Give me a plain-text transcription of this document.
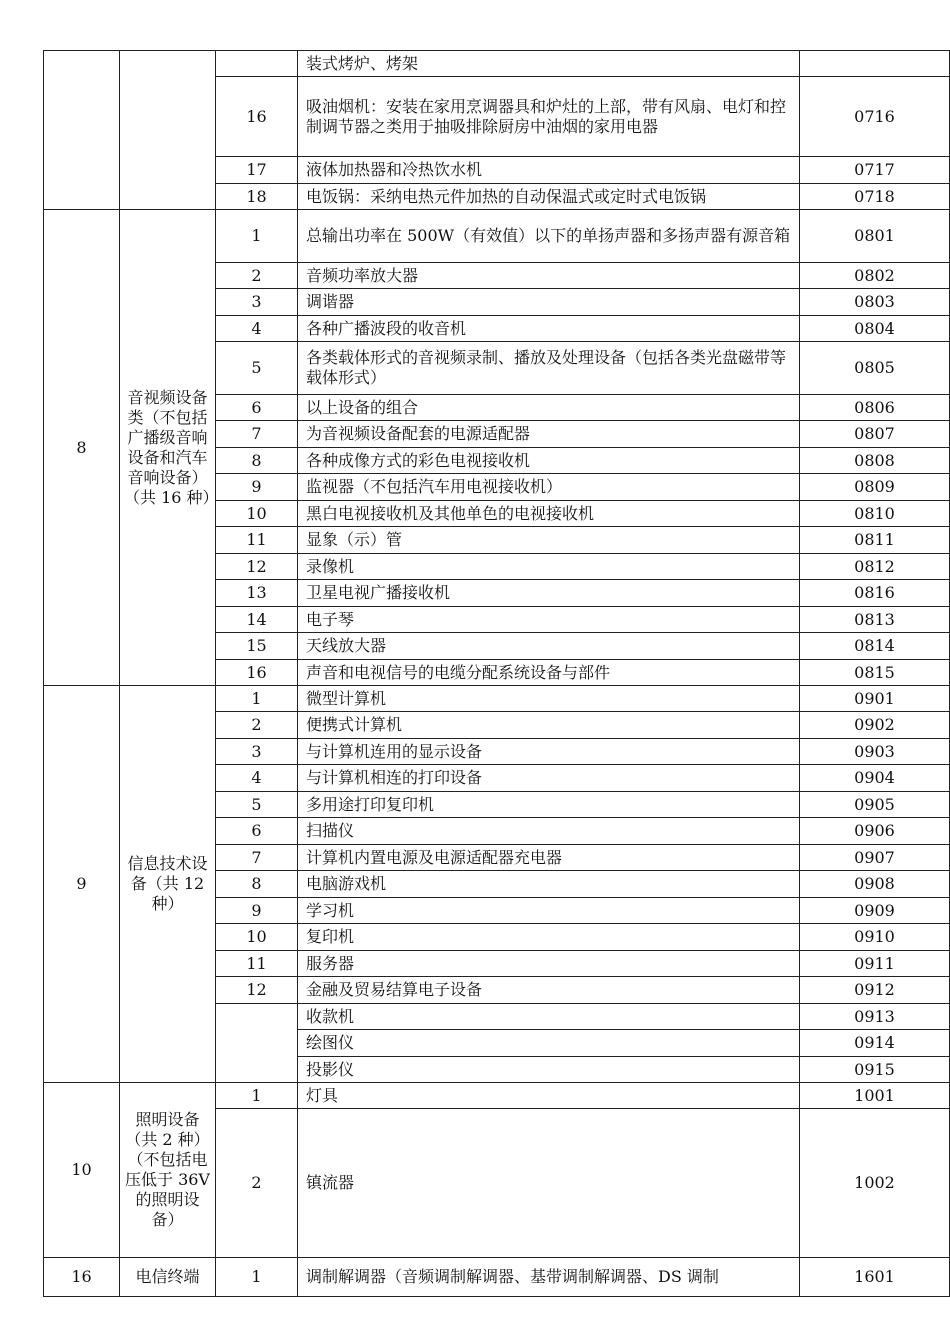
			装式烤炉、烤架	
		16	吸油烟机：安装在家用烹调器具和炉灶的上部，带有风扇、电灯和控制调节器之类用于抽吸排除厨房中油烟的家用电器	0716
		17	液体加热器和冷热饮水机	0717
		18	电饭锅：采纳电热元件加热的自动保温式或定时式电饭锅	0718
8	音视频设备类（不包括广播级音响设备和汽车音响设备）（共 16 种）	1	总输出功率在 500W（有效值）以下的单扬声器和多扬声器有源音箱	0801
		2	音频功率放大器	0802
		3	调谐器	0803
		4	各种广播波段的收音机	0804
		5	各类载体形式的音视频录制、播放及处理设备（包括各类光盘磁带等载体形式）	0805
		6	以上设备的组合	0806
		7	为音视频设备配套的电源适配器	0807
		8	各种成像方式的彩色电视接收机	0808
		9	监视器（不包括汽车用电视接收机）	0809
		10	黑白电视接收机及其他单色的电视接收机	0810
		11	显象（示）管	0811
		12	录像机	0812
		13	卫星电视广播接收机	0816
		14	电子琴	0813
		15	天线放大器	0814
		16	声音和电视信号的电缆分配系统设备与部件	0815
9	信息技术设备（共 12 种）	1	微型计算机	0901
		2	便携式计算机	0902
		3	与计算机连用的显示设备	0903
		4	与计算机相连的打印设备	0904
		5	多用途打印复印机	0905
		6	扫描仪	0906
		7	计算机内置电源及电源适配器充电器	0907
		8	电脑游戏机	0908
		9	学习机	0909
		10	复印机	0910
		11	服务器	0911
		12	金融及贸易结算电子设备	0912
			收款机	0913
			绘图仪	0914
			投影仪	0915
10	照明设备（共 2 种）（不包括电压低于 36V 的照明设备）	1	灯具	1001
		2	镇流器	1002
16	电信终端	1	调制解调器（音频调制解调器、基带调制解调器、DS 调制	1601
